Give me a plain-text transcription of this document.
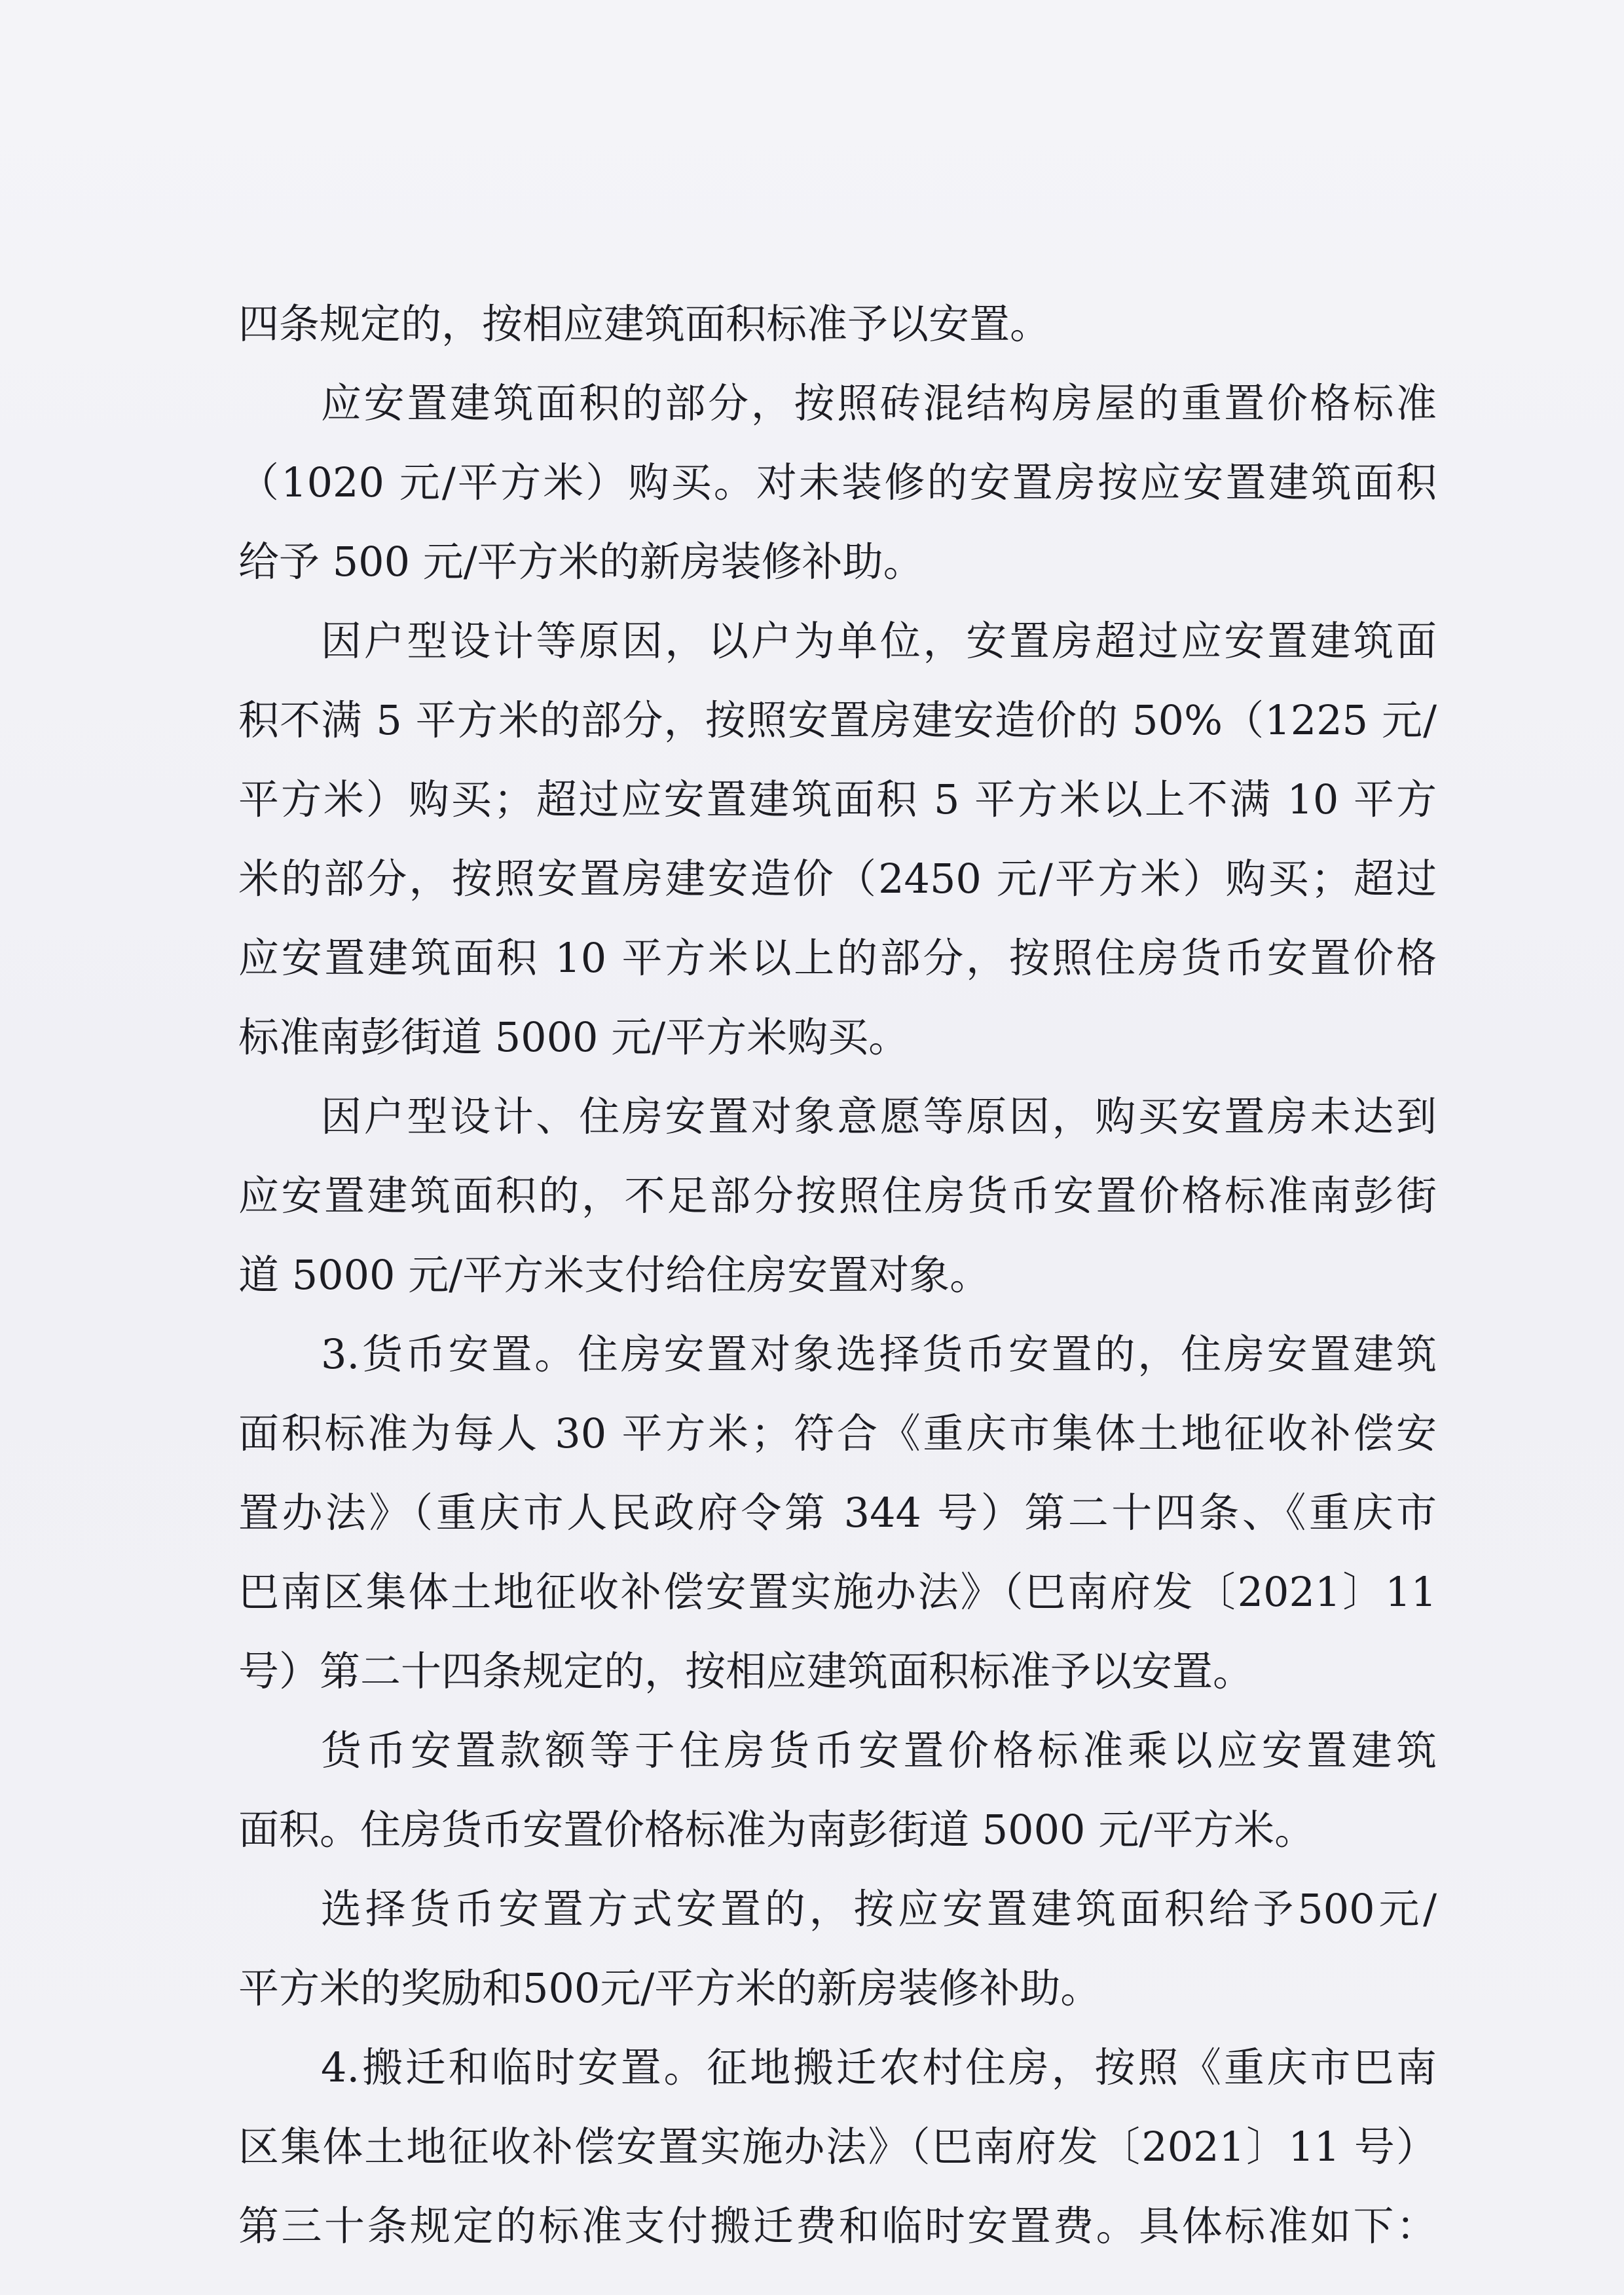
四条规定的，按相应建筑面积标准予以安置。
应安置建筑面积的部分，按照砖混结构房屋的重置价格标准
（1020 元/平方米）购买。对未装修的安置房按应安置建筑面积
给予 500 元/平方米的新房装修补助。
因户型设计等原因，以户为单位，安置房超过应安置建筑面
积不满 5 平方米的部分，按照安置房建安造价的 50%（1225 元/
平方米）购买；超过应安置建筑面积 5 平方米以上不满 10 平方
米的部分，按照安置房建安造价（2450 元/平方米）购买；超过
应安置建筑面积 10 平方米以上的部分，按照住房货币安置价格
标准南彭街道 5000 元/平方米购买。
因户型设计、住房安置对象意愿等原因，购买安置房未达到
应安置建筑面积的，不足部分按照住房货币安置价格标准南彭街
道 5000 元/平方米支付给住房安置对象。
3.货币安置。住房安置对象选择货币安置的，住房安置建筑
面积标准为每人 30 平方米；符合《重庆市集体土地征收补偿安
置办法》（重庆市人民政府令第 344 号）第二十四条、《重庆市
巴南区集体土地征收补偿安置实施办法》（巴南府发〔2021〕11
号）第二十四条规定的，按相应建筑面积标准予以安置。
货币安置款额等于住房货币安置价格标准乘以应安置建筑
面积。住房货币安置价格标准为南彭街道 5000 元/平方米。
选择货币安置方式安置的，按应安置建筑面积给予500元/
平方米的奖励和500元/平方米的新房装修补助。
4.搬迁和临时安置。征地搬迁农村住房，按照《重庆市巴南
区集体土地征收补偿安置实施办法》（巴南府发〔2021〕11 号）
第三十条规定的标准支付搬迁费和临时安置费。具体标准如下：
